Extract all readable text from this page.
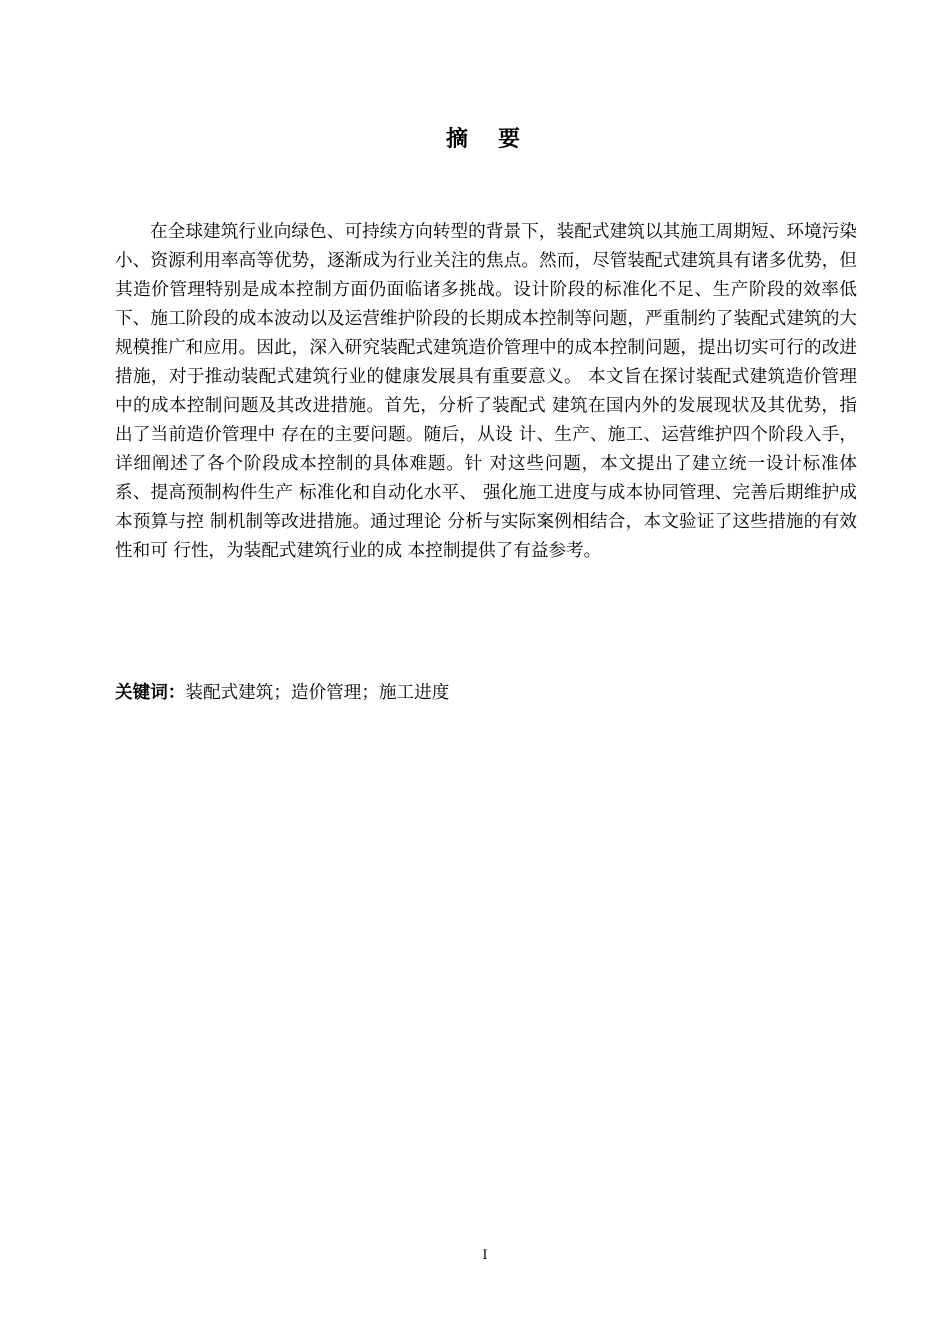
摘 要

在全球建筑行业向绿色、可持续方向转型的背景下，装配式建筑以其施工周期短、环境污染小、资源利用率高等优势，逐渐成为行业关注的焦点。然而，尽管装配式建筑具有诸多优势，但其造价管理特别是成本控制方面仍面临诸多挑战。设计阶段的标准化不足、生产阶段的效率低下、施工阶段的成本波动以及运营维护阶段的长期成本控制等问题，严重制约了装配式建筑的大规模推广和应用。因此，深入研究装配式建筑造价管理中的成本控制问题，提出切实可行的改进措施，对于推动装配式建筑行业的健康发展具有重要意义。 本文旨在探讨装配式建筑造价管理中的成本控制问题及其改进措施。首先，分析了装配式 建筑在国内外的发展现状及其优势，指出了当前造价管理中 存在的主要问题。随后，从设 计、生产、施工、运营维护四个阶段入手，详细阐述了各个阶段成本控制的具体难题。针 对这些问题，本文提出了建立统一设计标准体系、提高预制构件生产 标准化和自动化水平、 强化施工进度与成本协同管理、完善后期维护成本预算与控 制机制等改进措施。通过理论 分析与实际案例相结合，本文验证了这些措施的有效性和可 行性，为装配式建筑行业的成 本控制提供了有益参考。

关键词：装配式建筑；造价管理；施工进度

I
